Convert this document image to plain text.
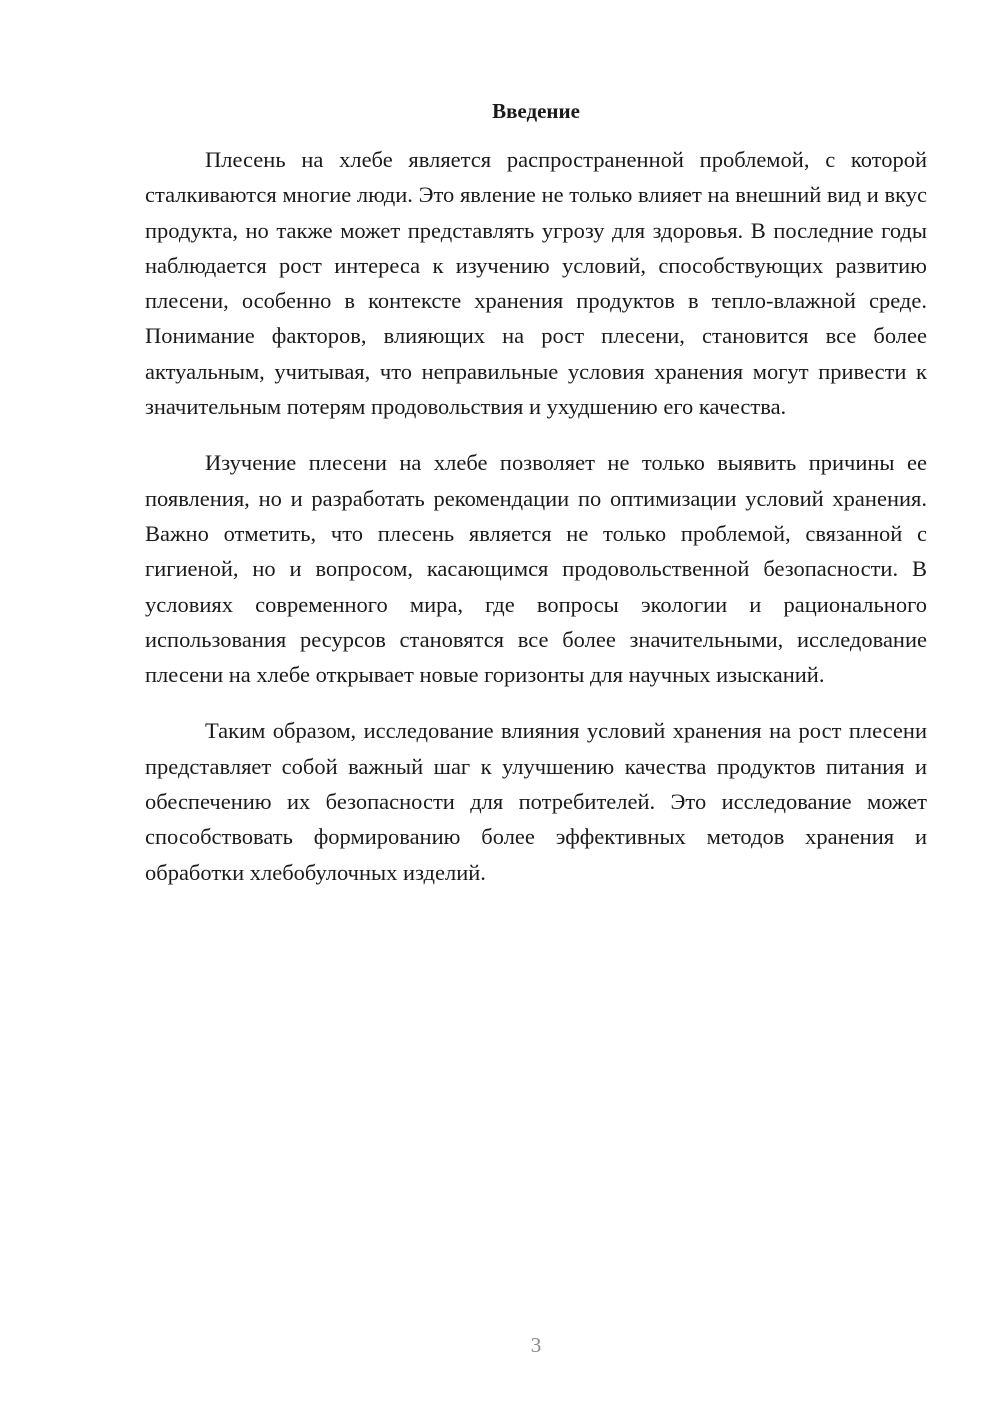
Введение

Плесень на хлебе является распространенной проблемой, с которой сталкиваются многие люди. Это явление не только влияет на внешний вид и вкус продукта, но также может представлять угрозу для здоровья. В последние годы наблюдается рост интереса к изучению условий, способствующих развитию плесени, особенно в контексте хранения продуктов в тепло-влажной среде. Понимание факторов, влияющих на рост плесени, становится все более актуальным, учитывая, что неправильные условия хранения могут привести к значительным потерям продовольствия и ухудшению его качества.

Изучение плесени на хлебе позволяет не только выявить причины ее появления, но и разработать рекомендации по оптимизации условий хранения. Важно отметить, что плесень является не только проблемой, связанной с гигиеной, но и вопросом, касающимся продовольственной безопасности. В условиях современного мира, где вопросы экологии и рационального использования ресурсов становятся все более значительными, исследование плесени на хлебе открывает новые горизонты для научных изысканий.

Таким образом, исследование влияния условий хранения на рост плесени представляет собой важный шаг к улучшению качества продуктов питания и обеспечению их безопасности для потребителей. Это исследование может способствовать формированию более эффективных методов хранения и обработки хлебобулочных изделий.

3
